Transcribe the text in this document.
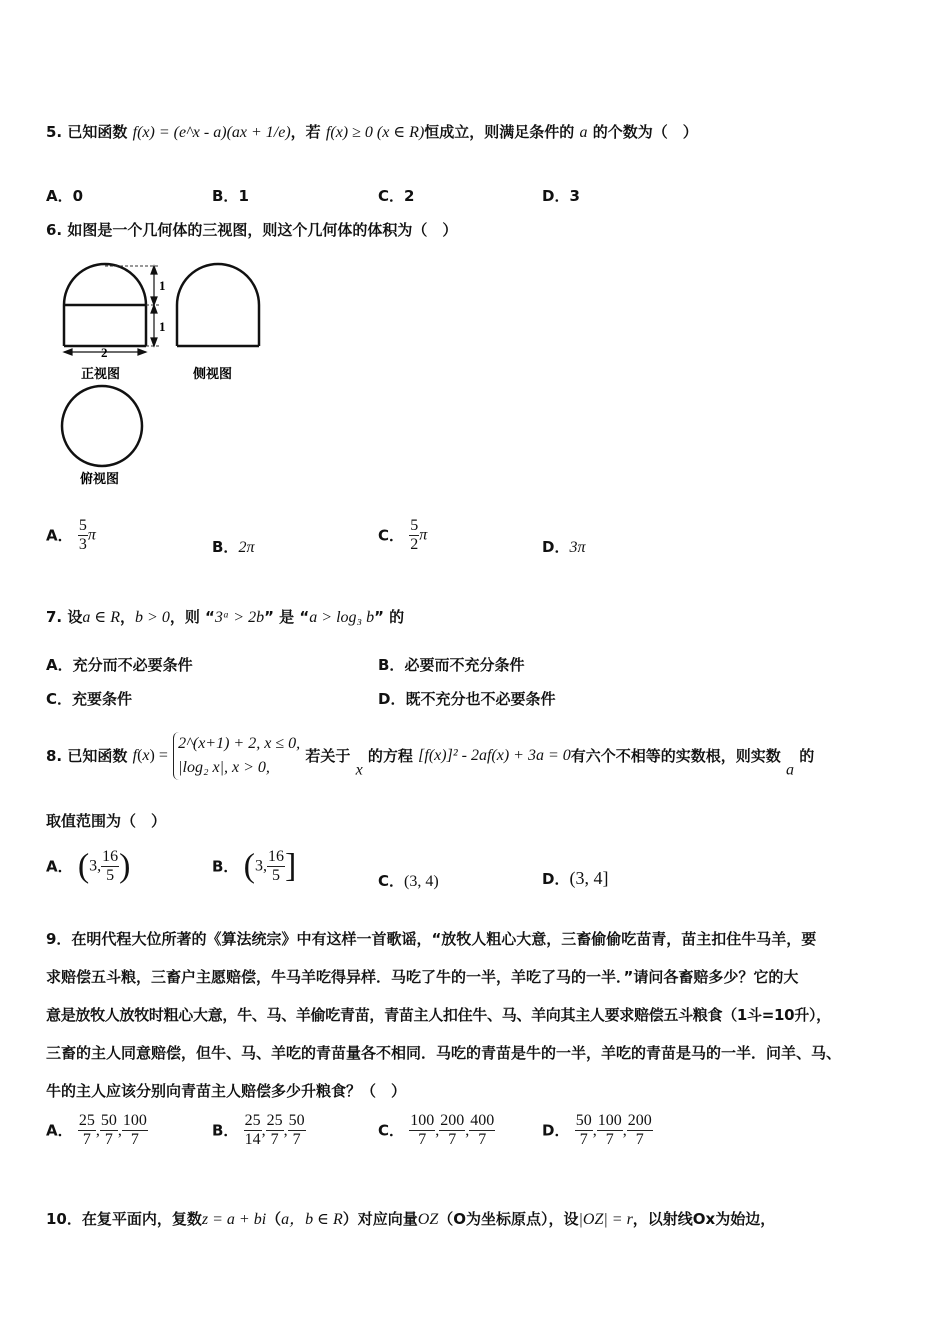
5. 已知函数 f(x) = (e^x - a)(ax + 1/e)，若 f(x) ≥ 0 (x ∈ R)恒成立，则满足条件的 a 的个数为（　）
A．0	B．1	C．2	D．3
6. 如图是一个几何体的三视图，则这个几何体的体积为（　）
1
1
2
正视图	侧视图
俯视图
A． $\frac{5}{3}$ π
B．2π
C． $\frac{5}{2}$ π
D．3π
7. 设a ∈ R，b > 0，则 “3ᵃ > 2b” 是 “a > log₃ b” 的
A．充分而不必要条件	B．必要而不充分条件
C．充要条件	D．既不充分也不必要条件
8. 已知函数 f(x) =
2^(x+1) + 2, x ≤ 0,
|log₂ x|, x > 0,
若关于 x 的方程 [f(x)]² - 2af(x) + 3a = 0有六个不相等的实数根，则实数 a 的
取值范围为（　）
A． (3, $\frac{16}{5}$ )	B． (3, $\frac{16}{5}$ ]	C．(3, 4)	D．(3, 4]
9．在明代程大位所著的《算法统宗》中有这样一首歌谣，“放牧人粗心大意，三畜偷偷吃苗青，苗主扣住牛马羊，要
求赔偿五斗粮，三畜户主愿赔偿，牛马羊吃得异样．马吃了牛的一半，羊吃了马的一半．”请问各畜赔多少？它的大
意是放牧人放牧时粗心大意，牛、马、羊偷吃青苗，青苗主人扣住牛、马、羊向其主人要求赔偿五斗粮食（1斗=10升），
三畜的主人同意赔偿，但牛、马、羊吃的青苗量各不相同．马吃的青苗是牛的一半，羊吃的青苗是马的一半．问羊、马、
牛的主人应该分别向青苗主人赔偿多少升粮食？（　）
A． $\frac{25}{7}$ , $\frac{50}{7}$ , $\frac{100}{7}$	B． $\frac{25}{14}$ , $\frac{25}{7}$ , $\frac{50}{7}$	C． $\frac{100}{7}$ , $\frac{200}{7}$ , $\frac{400}{7}$	D． $\frac{50}{7}$ , $\frac{100}{7}$ , $\frac{200}{7}$
10．在复平面内，复数z = a + bi（a，b ∈ R）对应向量OZ（O为坐标原点），设|OZ| = r，以射线Ox为始边，
